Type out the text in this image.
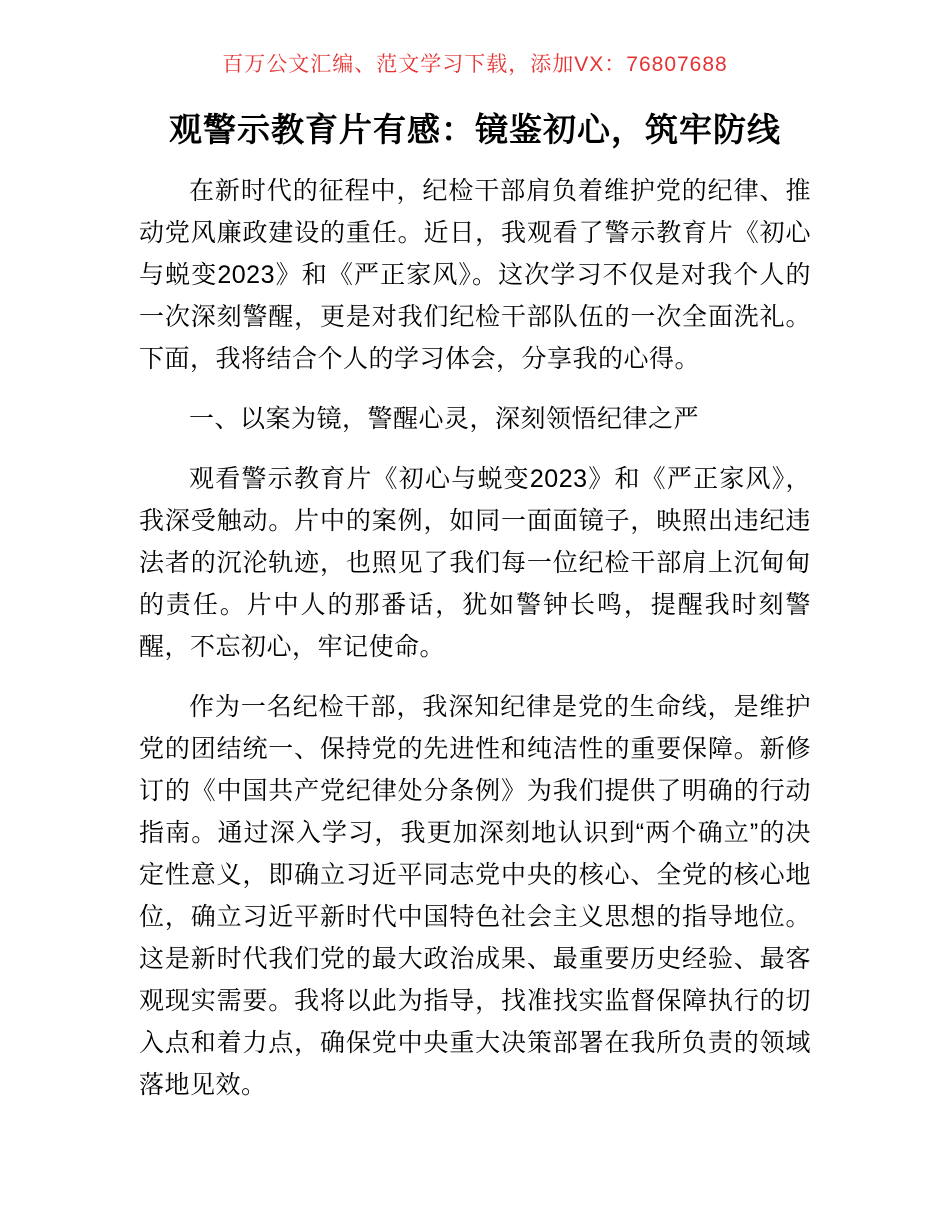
百万公文汇编、范文学习下载，添加VX：76807688
观警示教育片有感：镜鉴初心，筑牢防线

在新时代的征程中，纪检干部肩负着维护党的纪律、推动党风廉政建设的重任。近日，我观看了警示教育片《初心与蜕变2023》和《严正家风》。这次学习不仅是对我个人的一次深刻警醒，更是对我们纪检干部队伍的一次全面洗礼。下面，我将结合个人的学习体会，分享我的心得。

一、以案为镜，警醒心灵，深刻领悟纪律之严

观看警示教育片《初心与蜕变2023》和《严正家风》，我深受触动。片中的案例，如同一面面镜子，映照出违纪违法者的沉沦轨迹，也照见了我们每一位纪检干部肩上沉甸甸的责任。片中人的那番话，犹如警钟长鸣，提醒我时刻警醒，不忘初心，牢记使命。

作为一名纪检干部，我深知纪律是党的生命线，是维护党的团结统一、保持党的先进性和纯洁性的重要保障。新修订的《中国共产党纪律处分条例》为我们提供了明确的行动指南。通过深入学习，我更加深刻地认识到“两个确立”的决定性意义，即确立习近平同志党中央的核心、全党的核心地位，确立习近平新时代中国特色社会主义思想的指导地位。这是新时代我们党的最大政治成果、最重要历史经验、最客观现实需要。我将以此为指导，找准找实监督保障执行的切入点和着力点，确保党中央重大决策部署在我所负责的领域落地见效。
